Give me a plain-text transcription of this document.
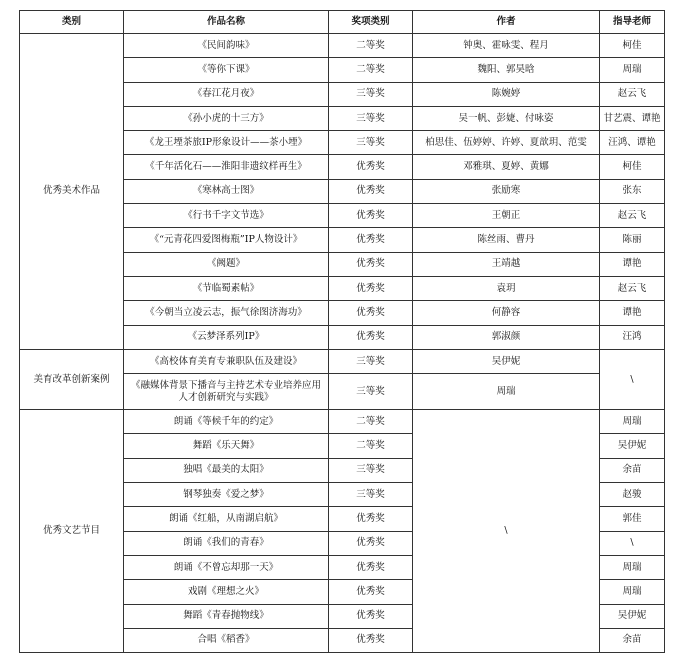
类别	作品名称	奖项类别	作者	指导老师
优秀美术作品	《民间韵味》	二等奖	钟奥、霍咏雯、程月	柯佳
	《等你下课》	二等奖	魏阳、郭昊晗	周瑞
	《春江花月夜》	三等奖	陈婉婷	赵云飞
	《孙小虎的十三方》	三等奖	吴一帆、彭婕、付咏姿	甘艺震、谭艳
	《龙王堙茶旅IP形象设计——茶小堙》	三等奖	柏思佳、伍婷婷、许婷、夏歆玥、范雯	汪鸿、谭艳
	《千年活化石——淮阳非遗纹样再生》	优秀奖	邓雅琪、夏婷、黄娜	柯佳
	《寒林高士图》	优秀奖	张励寒	张东
	《行书千字文节选》	优秀奖	王朝正	赵云飞
	《“元青花四爱图梅瓶”IP人物设计》	优秀奖	陈丝雨、曹丹	陈丽
	《阙题》	优秀奖	王靖越	谭艳
	《节临蜀素帖》	优秀奖	袁玥	赵云飞
	《今朝当立凌云志，振气徐图济海功》	优秀奖	何静容	谭艳
	《云梦泽系列IP》	优秀奖	郭淑颜	汪鸿
美育改革创新案例	《高校体育美育专兼职队伍及建设》	三等奖	吴伊妮	\
	《融媒体背景下播音与主持艺术专业培养应用人才创新研究与实践》	三等奖	周瑞	
优秀文艺节目	朗诵《等候千年的约定》	二等奖	\	周瑞
	舞蹈《乐天舞》	二等奖		吴伊妮
	独唱《最美的太阳》	三等奖		余苗
	钢琴独奏《爱之梦》	三等奖		赵骏
	朗诵《红船，从南湖启航》	优秀奖		郭佳
	朗诵《我们的青春》	优秀奖		\
	朗诵《不曾忘却那一天》	优秀奖		周瑞
	戏剧《理想之火》	优秀奖		周瑞
	舞蹈《青春抛物线》	优秀奖		吴伊妮
	合唱《稻香》	优秀奖		余苗
